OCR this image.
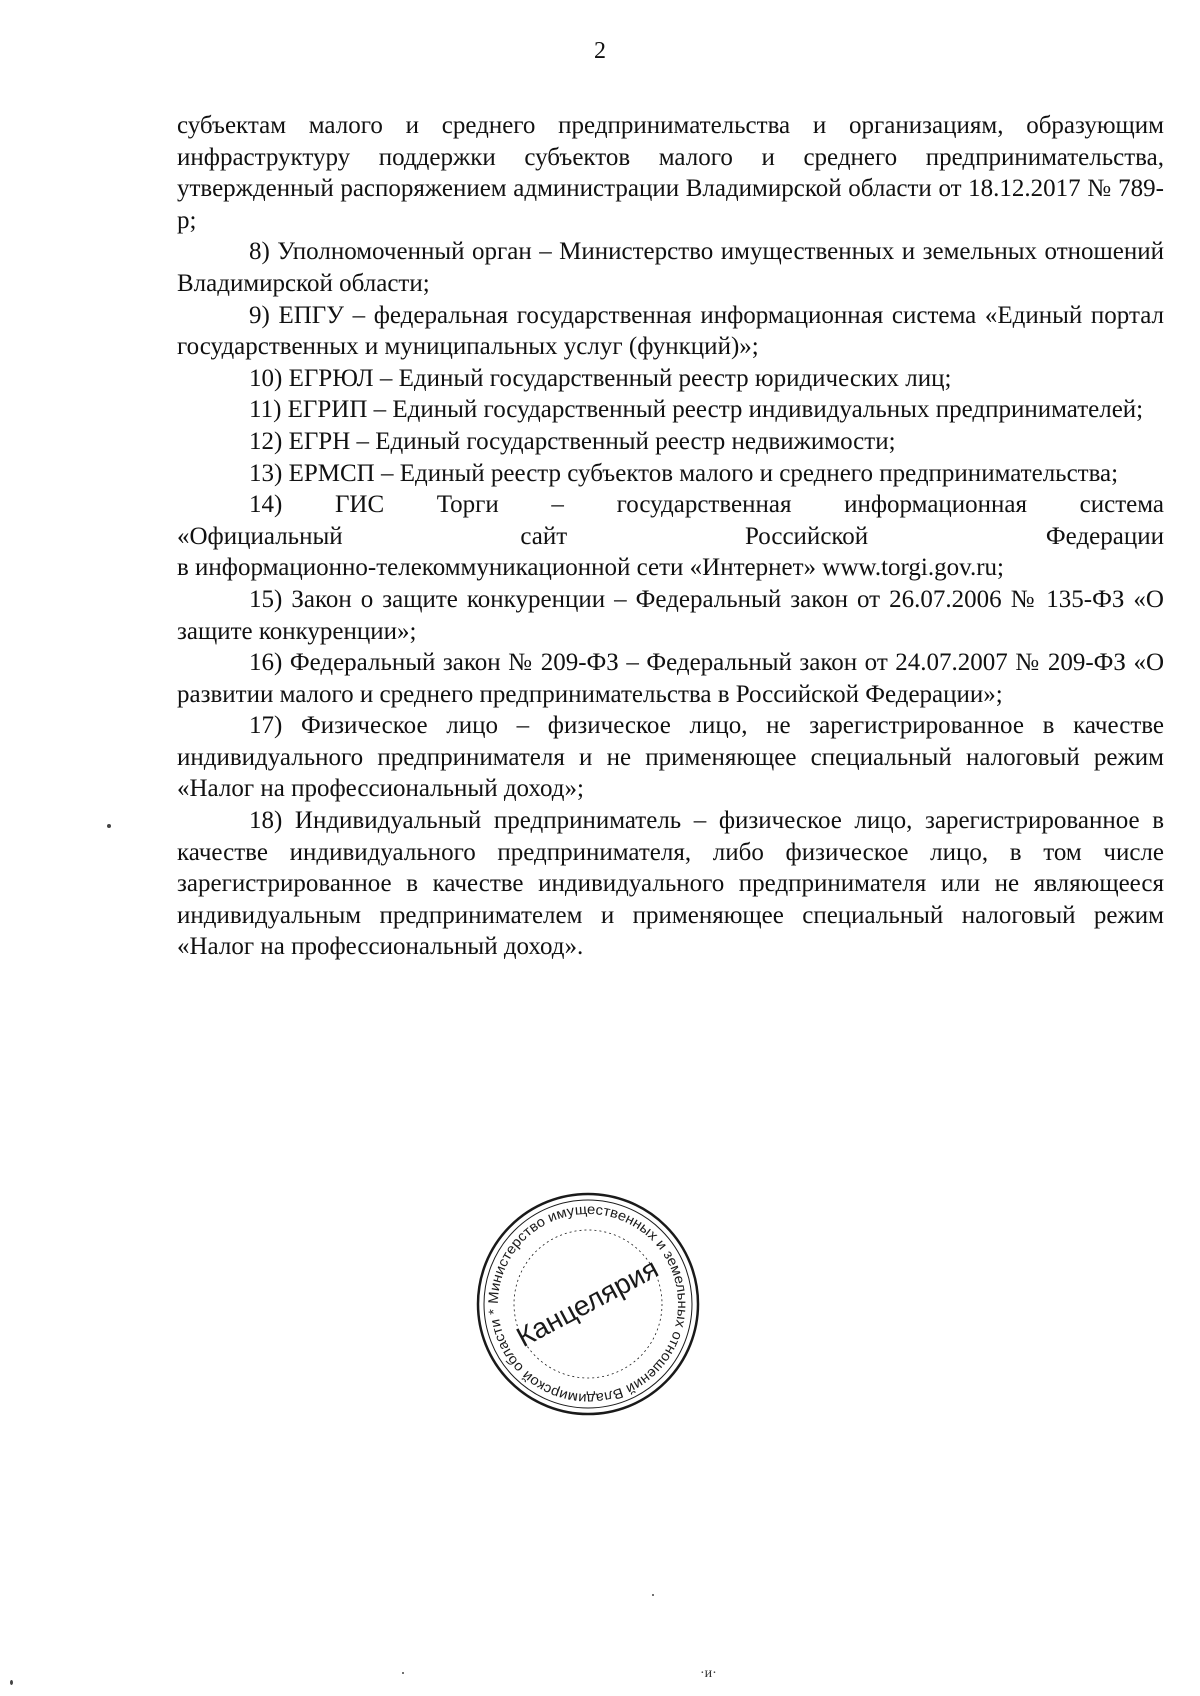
2

субъектам малого и среднего предпринимательства и организациям, образующим инфраструктуру поддержки субъектов малого и среднего предпринимательства, утвержденный распоряжением администрации Владимирской области от 18.12.2017 № 789-р;

8) Уполномоченный орган – Министерство имущественных и земельных отношений Владимирской области;

9) ЕПГУ – федеральная государственная информационная система «Единый портал государственных и муниципальных услуг (функций)»;

10) ЕГРЮЛ – Единый государственный реестр юридических лиц;

11) ЕГРИП – Единый государственный реестр индивидуальных предпринимателей;

12) ЕГРН – Единый государственный реестр недвижимости;

13) ЕРМСП – Единый реестр субъектов малого и среднего предпринимательства;

14) ГИС Торги – государственная информационная система

«Официальный сайт Российской Федерации

в информационно-телекоммуникационной сети «Интернет» www.torgi.gov.ru;

15) Закон о защите конкуренции – Федеральный закон от 26.07.2006 № 135-ФЗ «О защите конкуренции»;

16) Федеральный закон № 209-ФЗ – Федеральный закон от 24.07.2007 № 209-ФЗ «О развитии малого и среднего предпринимательства в Российской Федерации»;

17) Физическое лицо – физическое лицо, не зарегистрированное в качестве индивидуального предпринимателя и не применяющее специальный налоговый режим «Налог на профессиональный доход»;

18) Индивидуальный предприниматель – физическое лицо, зарегистрированное в качестве индивидуального предпринимателя, либо физическое лицо, в том числе зарегистрированное в качестве индивидуального предпринимателя или не являющееся индивидуальным предпринимателем и применяющее специальный налоговый режим «Налог на профессиональный доход».

Министерство имущественных и земельных отношений Владимирской области * Канцелярия
·и·
